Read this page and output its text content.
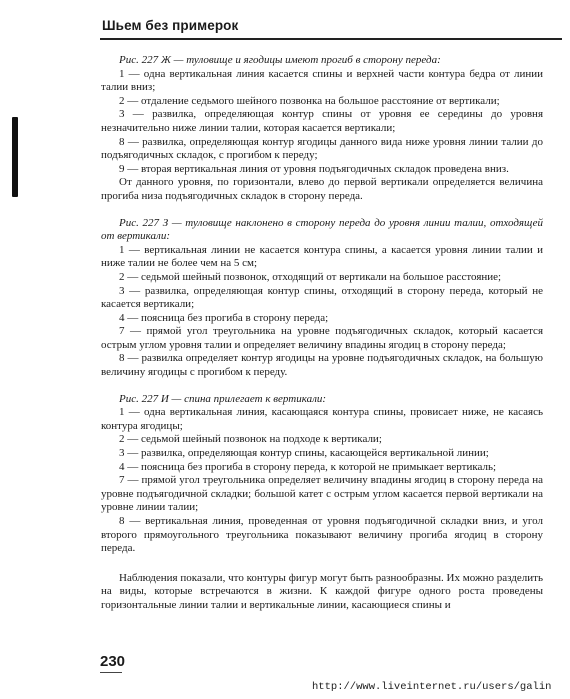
Шьем без примерок

Рис. 227 Ж — туловище и ягодицы имеют прогиб в сторону переда:

1 — одна вертикальная линия касается спины и верхней части контура бедра от линии талии вниз;

2 — отдаление седьмого шейного позвонка на большое расстояние от вертикали;

3 — развилка, определяющая контур спины от уровня ее середины до уровня незначительно ниже линии талии, которая касается вертикали;

8 — развилка, определяющая контур ягодицы данного вида ниже уровня линии талии до подъягодичных складок, с прогибом к переду;

9 — вторая вертикальная линия от уровня подъягодичных складок проведена вниз.

От данного уровня, по горизонтали, влево до первой вертикали определяется величина прогиба низа подъягодичных складок в сторону переда.

Рис. 227 З — туловище наклонено в сторону переда до уровня линии талии, отходящей от вертикали:

1 — вертикальная линии не касается контура спины, а касается уровня линии талии и ниже талии не более чем на 5 см;

2 — седьмой шейный позвонок, отходящий от вертикали на большое расстояние;

3 — развилка, определяющая контур спины, отходящий в сторону переда, который не касается вертикали;

4 — поясница без прогиба в сторону переда;

7 — прямой угол треугольника на уровне подъягодичных складок, который касается острым углом уровня талии и определяет величину впадины ягодиц в сторону переда;

8 — развилка определяет контур ягодицы на уровне подъягодичных складок, на большую величину ягодицы с прогибом к переду.

Рис. 227 И — спина прилегает к вертикали:

1 — одна вертикальная линия, касающаяся контура спины, провисает ниже, не касаясь контура ягодицы;

2 — седьмой шейный позвонок на подходе к вертикали;

3 — развилка, определяющая контур спины, касающейся вертикальной линии;

4 — поясница без прогиба в сторону переда, к которой не примыкает вертикаль;

7 — прямой угол треугольника определяет величину впадины ягодиц в сторону переда на уровне подъягодичной складки; большой катет с острым углом касается первой вертикали на уровне линии талии;

8 — вертикальная линия, проведенная от уровня подъягодичной складки вниз, и угол второго прямоугольного треугольника показывают величину прогиба ягодиц в сторону переда.

Наблюдения показали, что контуры фигур могут быть разнообразны. Их можно разделить на виды, которые встречаются в жизни. К каждой фигуре одного роста проведены горизонтальные линии талии и вертикальные линии, касающиеся спины и

230
http://www.liveinternet.ru/users/galin
